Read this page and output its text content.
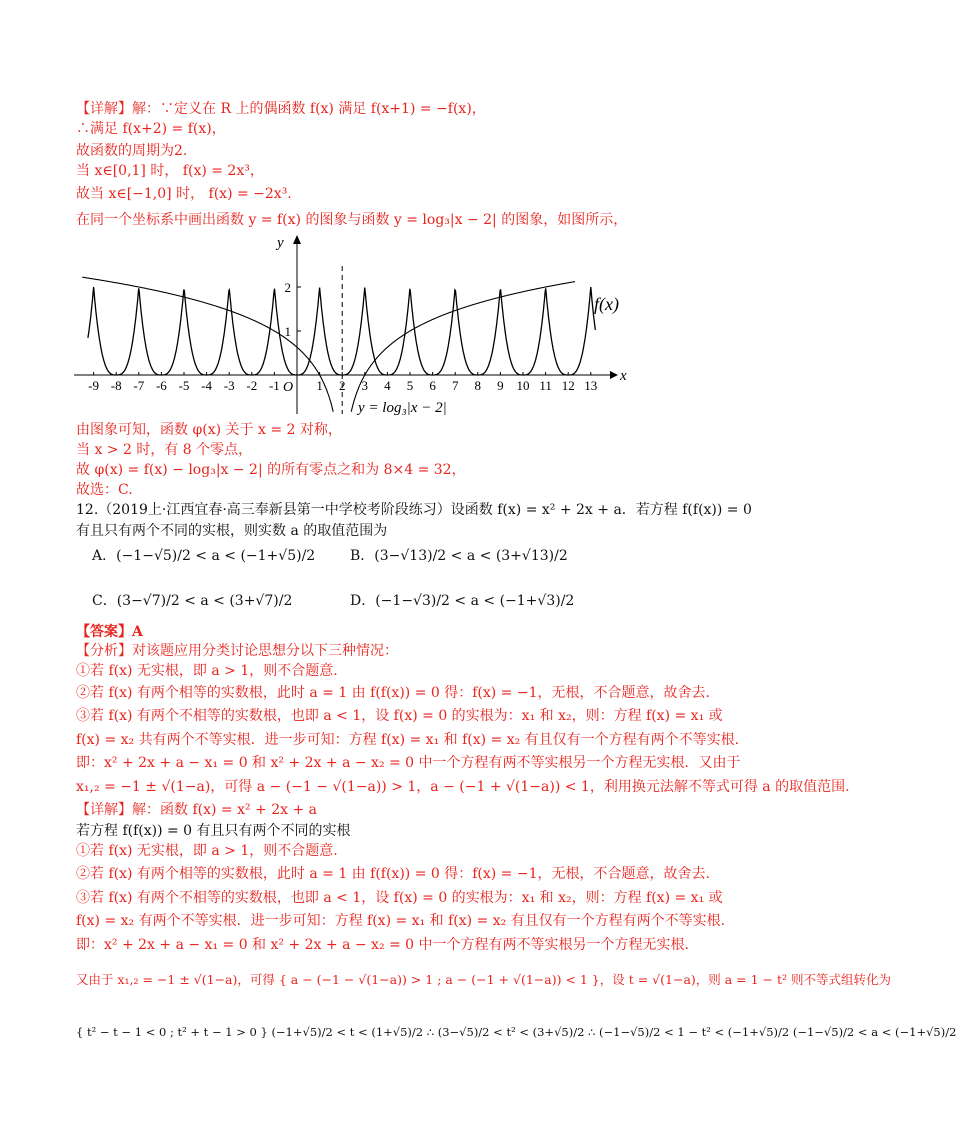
【详解】解：∵定义在 R 上的偶函数 f(x) 满足 f(x+1) = −f(x)，
∴满足 f(x+2) = f(x)，
故函数的周期为2.
当 x∈[0,1] 时， f(x) = 2x³，
故当 x∈[−1,0] 时， f(x) = −2x³.
在同一个坐标系中画出函数 y = f(x) 的图象与函数 y = log₃|x − 2| 的图象，如图所示，
-9 -8 -7 -6 -5 -4 -3 -2 -1	1 2 3 4 5 6 7 8 9 10 11 12 13
1
2
x
y
O
f(x)
y = log₃|x − 2|
由图象可知，函数 φ(x) 关于 x = 2 对称，
当 x > 2 时，有 8 个零点，
故 φ(x) = f(x) − log₃|x − 2| 的所有零点之和为 8×4 = 32，
故选：C.
12.（2019上·江西宜春·高三奉新县第一中学校考阶段练习）设函数 f(x) = x² + 2x + a．若方程 f(f(x)) = 0
有且只有两个不同的实根，则实数 a 的取值范围为
A．(−1−√5)/2 < a < (−1+√5)/2 B．(3−√13)/2 < a < (3+√13)/2
C．(3−√7)/2 < a < (3+√7)/2	D．(−1−√3)/2 < a < (−1+√3)/2
【答案】A
【分析】对该题应用分类讨论思想分以下三种情况：
①若 f(x) 无实根，即 a > 1，则不合题意.
②若 f(x) 有两个相等的实数根，此时 a = 1 由 f(f(x)) = 0 得：f(x) = −1，无根，不合题意，故舍去.
③若 f(x) 有两个不相等的实数根，也即 a < 1，设 f(x) = 0 的实根为：x₁ 和 x₂，则：方程 f(x) = x₁ 或
f(x) = x₂ 共有两个不等实根．进一步可知：方程 f(x) = x₁ 和 f(x) = x₂ 有且仅有一个方程有两个不等实根.
即：x² + 2x + a − x₁ = 0 和 x² + 2x + a − x₂ = 0 中一个方程有两不等实根另一个方程无实根．又由于
x₁,₂ = −1 ± √(1−a)，可得 a − (−1 − √(1−a)) > 1，a − (−1 + √(1−a)) < 1，利用换元法解不等式可得 a 的取值范围.
【详解】解：函数 f(x) = x² + 2x + a
若方程 f(f(x)) = 0 有且只有两个不同的实根
①若 f(x) 无实根，即 a > 1，则不合题意.
②若 f(x) 有两个相等的实数根，此时 a = 1 由 f(f(x)) = 0 得：f(x) = −1，无根，不合题意，故舍去.
③若 f(x) 有两个不相等的实数根，也即 a < 1，设 f(x) = 0 的实根为：x₁ 和 x₂，则：方程 f(x) = x₁ 或
f(x) = x₂ 有两个不等实根．进一步可知：方程 f(x) = x₁ 和 f(x) = x₂ 有且仅有一个方程有两个不等实根.
即：x² + 2x + a − x₁ = 0 和 x² + 2x + a − x₂ = 0 中一个方程有两不等实根另一个方程无实根.
又由于 x₁,₂ = −1 ± √(1−a)，可得 { a − (−1 − √(1−a)) > 1 ; a − (−1 + √(1−a)) < 1 }，设 t = √(1−a)，则 a = 1 − t² 则不等式组转化为
{ t² − t − 1 < 0 ; t² + t − 1 > 0 } (−1+√5)/2 < t < (1+√5)/2 ∴ (3−√5)/2 < t² < (3+√5)/2 ∴ (−1−√5)/2 < 1 − t² < (−1+√5)/2 (−1−√5)/2 < a < (−1+√5)/2
